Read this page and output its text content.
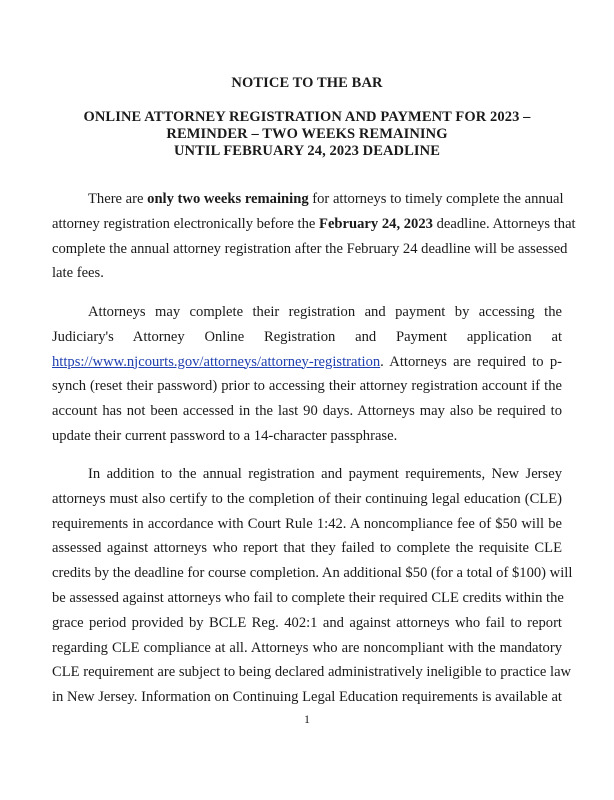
NOTICE TO THE BAR
ONLINE ATTORNEY REGISTRATION AND PAYMENT FOR 2023 –
REMINDER – TWO WEEKS REMAINING
UNTIL FEBRUARY 24, 2023 DEADLINE
There are only two weeks remaining for attorneys to timely complete the annual
attorney registration electronically before the February 24, 2023 deadline. Attorneys that
complete the annual attorney registration after the February 24 deadline will be assessed
late fees.
Attorneys may complete their registration and payment by accessing the
Judiciary's Attorney Online Registration and Payment application at
https://www.njcourts.gov/attorneys/attorney-registration. Attorneys are required to p-
synch (reset their password) prior to accessing their attorney registration account if the
account has not been accessed in the last 90 days. Attorneys may also be required to
update their current password to a 14-character passphrase.
In addition to the annual registration and payment requirements, New Jersey
attorneys must also certify to the completion of their continuing legal education (CLE)
requirements in accordance with Court Rule 1:42. A noncompliance fee of $50 will be
assessed against attorneys who report that they failed to complete the requisite CLE
credits by the deadline for course completion. An additional $50 (for a total of $100) will
be assessed against attorneys who fail to complete their required CLE credits within the
grace period provided by BCLE Reg. 402:1 and against attorneys who fail to report
regarding CLE compliance at all. Attorneys who are noncompliant with the mandatory
CLE requirement are subject to being declared administratively ineligible to practice law
in New Jersey. Information on Continuing Legal Education requirements is available at
1
